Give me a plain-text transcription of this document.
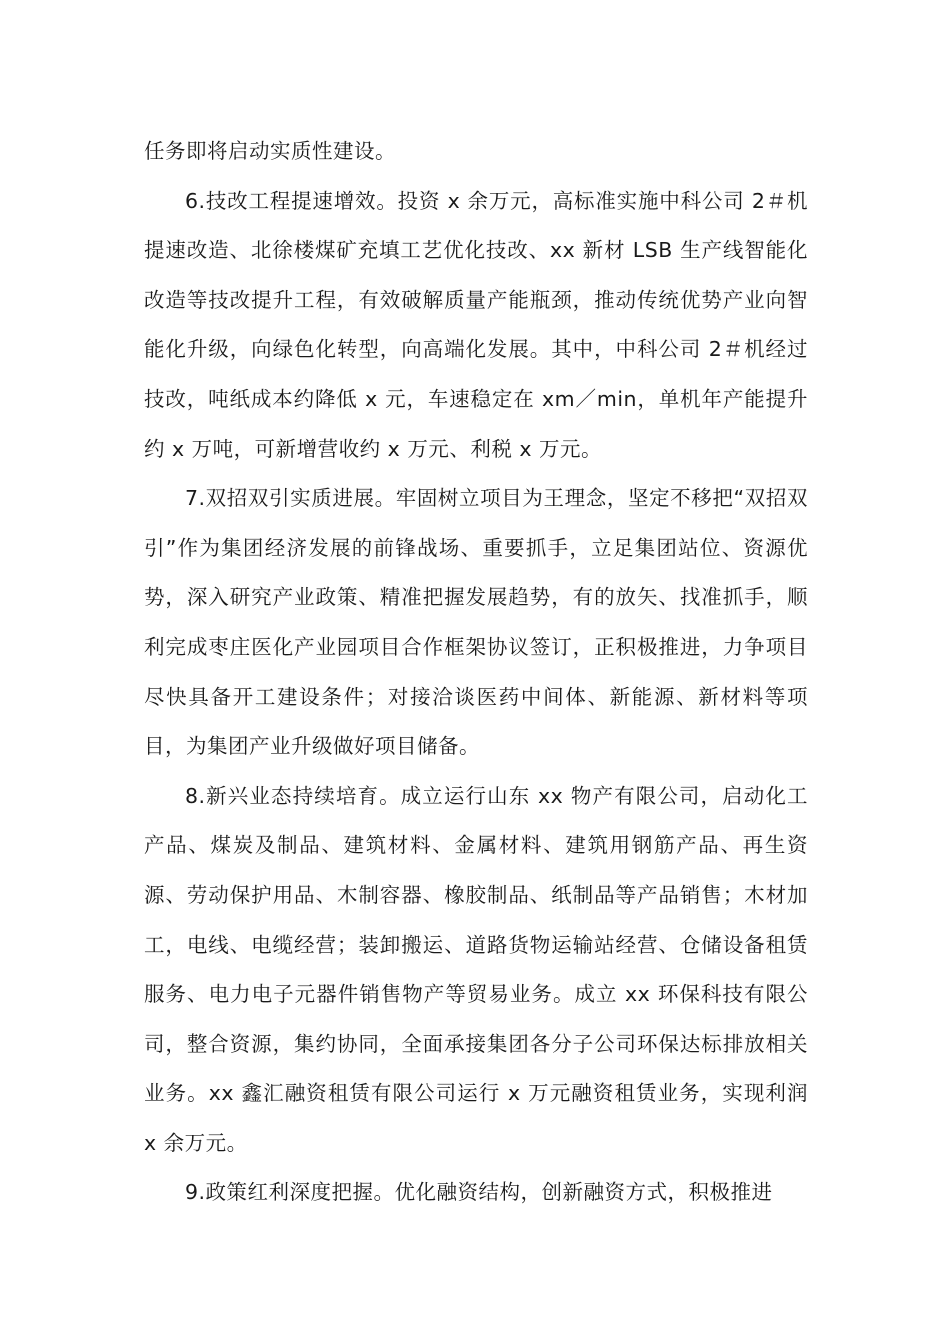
任务即将启动实质性建设。

6.技改工程提速增效。投资 x 余万元，高标准实施中科公司 2＃机提速改造、北徐楼煤矿充填工艺优化技改、xx 新材 LSB 生产线智能化改造等技改提升工程，有效破解质量产能瓶颈，推动传统优势产业向智能化升级，向绿色化转型，向高端化发展。其中，中科公司 2＃机经过技改，吨纸成本约降低 x 元，车速稳定在 xm／min，单机年产能提升约 x 万吨，可新增营收约 x 万元、利税 x 万元。

7.双招双引实质进展。牢固树立项目为王理念，坚定不移把“双招双引”作为集团经济发展的前锋战场、重要抓手，立足集团站位、资源优势，深入研究产业政策、精准把握发展趋势，有的放矢、找准抓手，顺利完成枣庄医化产业园项目合作框架协议签订，正积极推进，力争项目尽快具备开工建设条件；对接洽谈医药中间体、新能源、新材料等项目，为集团产业升级做好项目储备。

8.新兴业态持续培育。成立运行山东 xx 物产有限公司，启动化工产品、煤炭及制品、建筑材料、金属材料、建筑用钢筋产品、再生资源、劳动保护用品、木制容器、橡胶制品、纸制品等产品销售；木材加工，电线、电缆经营；装卸搬运、道路货物运输站经营、仓储设备租赁服务、电力电子元器件销售物产等贸易业务。成立 xx 环保科技有限公司，整合资源，集约协同，全面承接集团各分子公司环保达标排放相关业务。xx 鑫汇融资租赁有限公司运行 x 万元融资租赁业务，实现利润 x 余万元。

9.政策红利深度把握。优化融资结构，创新融资方式，积极推进
